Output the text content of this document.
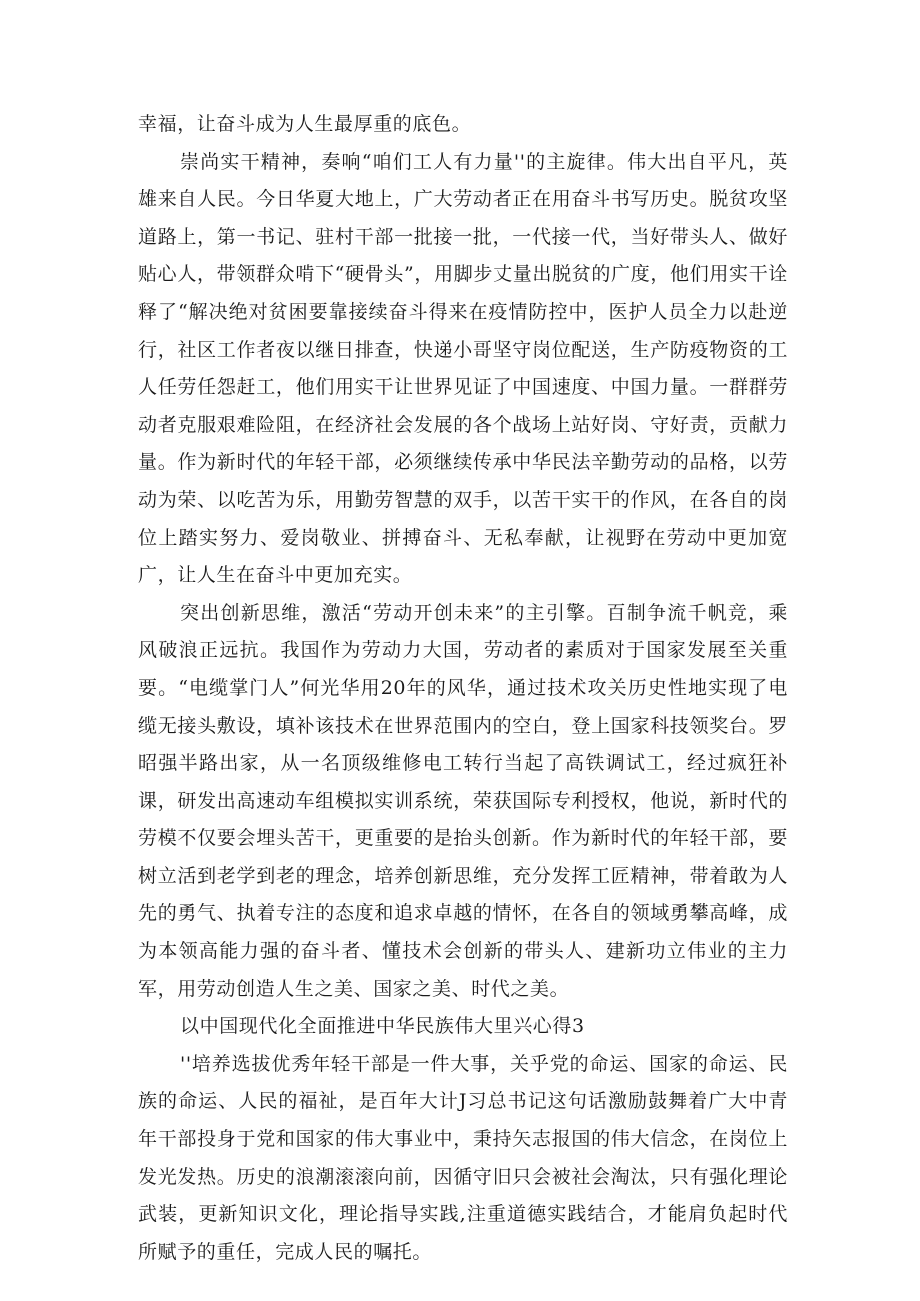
幸福，让奋斗成为人生最厚重的底色。

崇尚实干精神，奏响“咱们工人有力量''的主旋律。伟大出自平凡，英雄来自人民。今日华夏大地上，广大劳动者正在用奋斗书写历史。脱贫攻坚道路上，第一书记、驻村干部一批接一批，一代接一代，当好带头人、做好贴心人，带领群众啃下“硬骨头”，用脚步丈量出脱贫的广度，他们用实干诠释了“解决绝对贫困要靠接续奋斗得来在疫情防控中，医护人员全力以赴逆行，社区工作者夜以继日排查，快递小哥坚守岗位配送，生产防疫物资的工人任劳任怨赶工，他们用实干让世界见证了中国速度、中国力量。一群群劳动者克服艰难险阻，在经济社会发展的各个战场上站好岗、守好责，贡献力量。作为新时代的年轻干部，必须继续传承中华民法辛勤劳动的品格，以劳动为荣、以吃苦为乐，用勤劳智慧的双手，以苦干实干的作风，在各自的岗位上踏实努力、爱岗敬业、拼搏奋斗、无私奉献，让视野在劳动中更加宽广，让人生在奋斗中更加充实。

突出创新思维，激活“劳动开创未来”的主引擎。百制争流千帆竞，乘风破浪正远抗。我国作为劳动力大国，劳动者的素质对于国家发展至关重要。“电缆掌门人”何光华用20年的风华，通过技术攻关历史性地实现了电缆无接头敷设，填补该技术在世界范围内的空白，登上国家科技领奖台。罗昭强半路出家，从一名顶级维修电工转行当起了高铁调试工，经过疯狂补课，研发出高速动车组模拟实训系统，荣获国际专利授权，他说，新时代的劳模不仅要会埋头苦干，更重要的是抬头创新。作为新时代的年轻干部，要树立活到老学到老的理念，培养创新思维，充分发挥工匠精神，带着敢为人先的勇气、执着专注的态度和追求卓越的情怀，在各自的领域勇攀高峰，成为本领高能力强的奋斗者、懂技术会创新的带头人、建新功立伟业的主力军，用劳动创造人生之美、国家之美、时代之美。

以中国现代化全面推进中华民族伟大里兴心得3

''培养选拔优秀年轻干部是一件大事，关乎党的命运、国家的命运、民族的命运、人民的福祉，是百年大计J习总书记这句话激励鼓舞着广大中青年干部投身于党和国家的伟大事业中，秉持矢志报国的伟大信念，在岗位上发光发热。历史的浪潮滚滚向前，因循守旧只会被社会淘汰，只有强化理论武装，更新知识文化，理论指导实践,注重道德实践结合，才能肩负起时代所赋予的重任，完成人民的嘱托。
